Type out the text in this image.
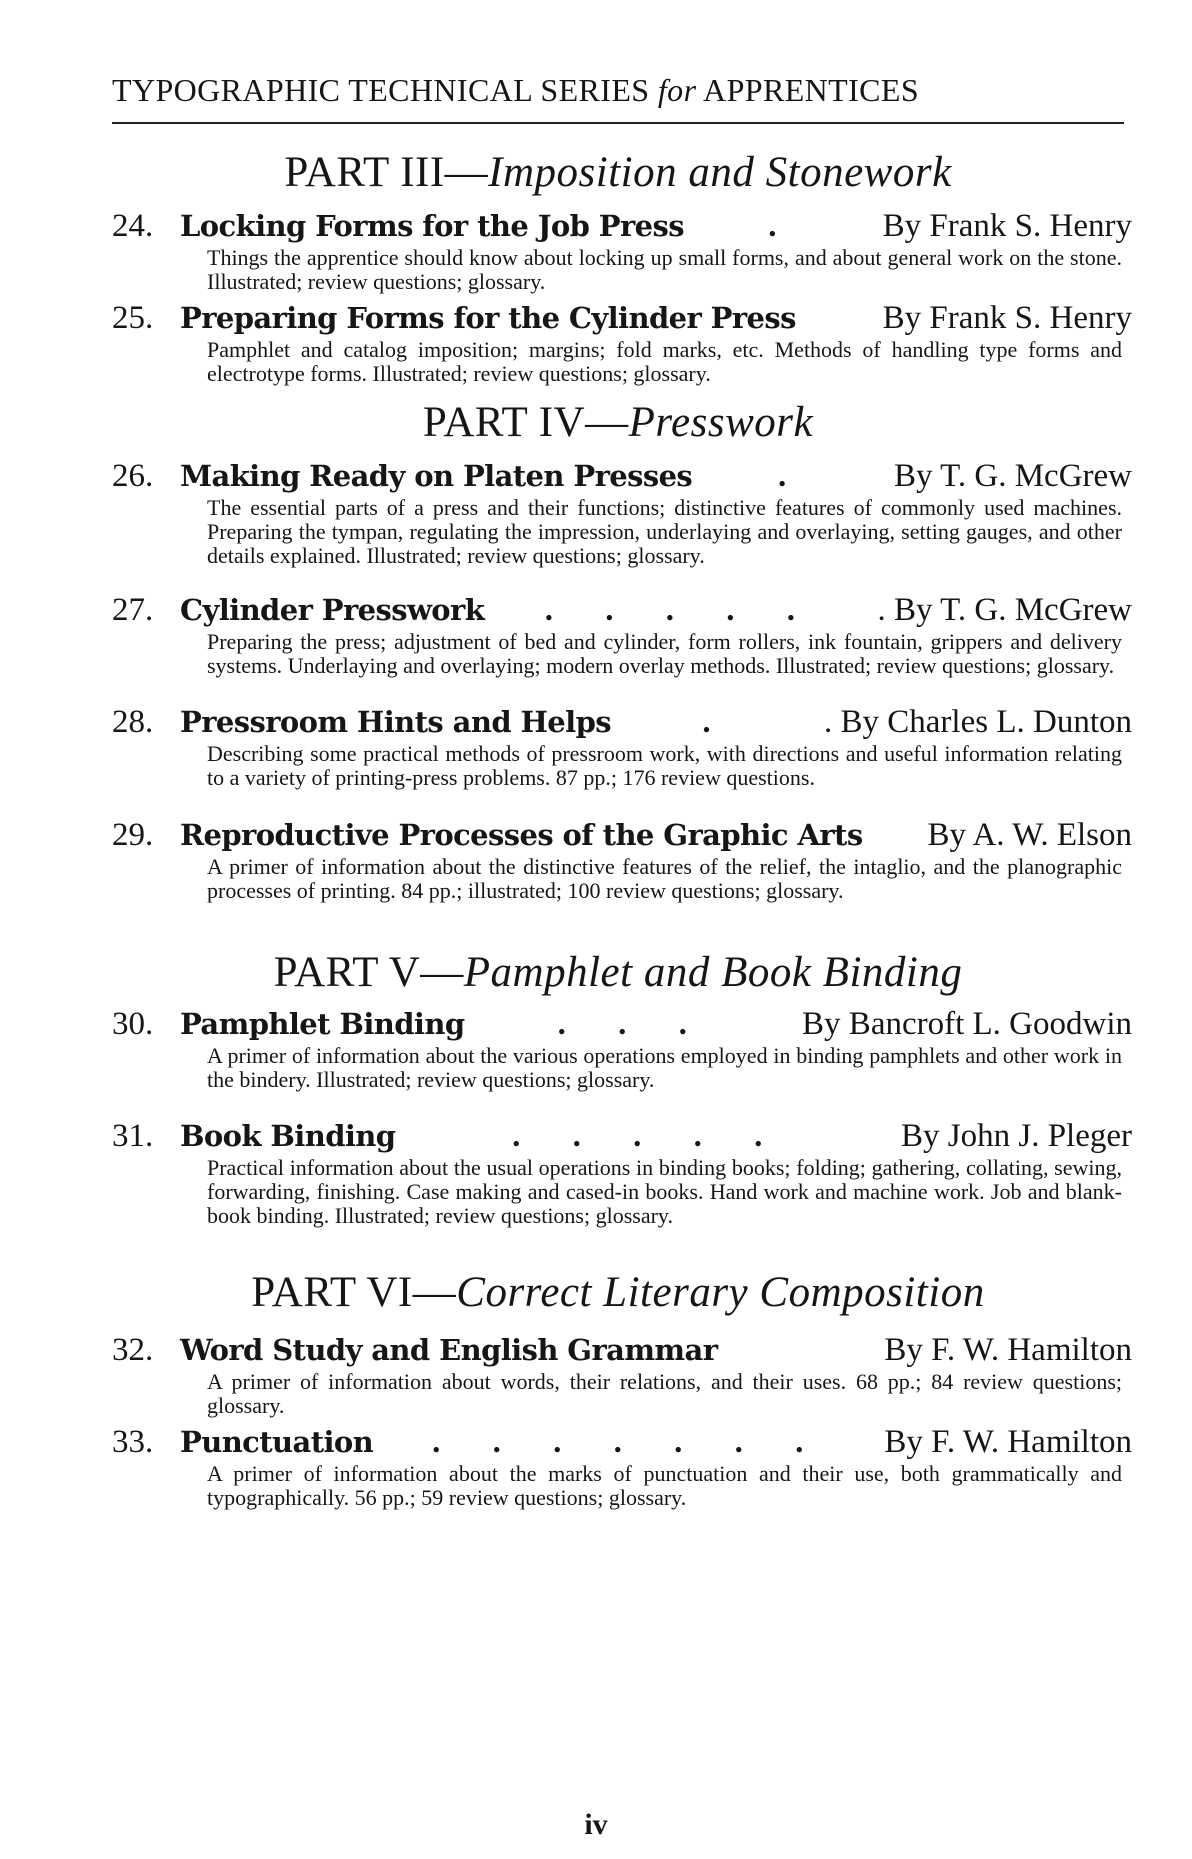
TYPOGRAPHIC TECHNICAL SERIES for APPRENTICES
PART III—Imposition and Stonework
24. Locking Forms for the Job Press	.	By Frank S. Henry
Things the apprentice should know about locking up small forms, and about general work on the stone. Illustrated; review questions; glossary.
25. Preparing Forms for the Cylinder Press	By Frank S. Henry
Pamphlet and catalog imposition; margins; fold marks, etc. Methods of handling type forms and electrotype forms. Illustrated; review questions; glossary.
PART IV—Presswork
26. Making Ready on Platen Presses	.	By T. G. McGrew
The essential parts of a press and their functions; distinctive features of commonly used machines. Preparing the tympan, regulating the impression, underlaying and overlaying, setting gauges, and other details explained. Illustrated; review questions; glossary.
27. Cylinder Presswork	. . . . .	. By T. G. McGrew
Preparing the press; adjustment of bed and cylinder, form rollers, ink fountain, grippers and delivery systems. Underlaying and overlaying; modern overlay methods. Illustrated; review questions; glossary.
28. Pressroom Hints and Helps	.	. By Charles L. Dunton
Describing some practical methods of pressroom work, with directions and useful information relating to a variety of printing-press problems. 87 pp.; 176 review questions.
29. Reproductive Processes of the Graphic Arts By A. W. Elson
A primer of information about the distinctive features of the relief, the intaglio, and the planographic processes of printing. 84 pp.; illustrated; 100 review questions; glossary.
PART V—Pamphlet and Book Binding
30. Pamphlet Binding	. . .	By Bancroft L. Goodwin
A primer of information about the various operations employed in binding pamphlets and other work in the bindery. Illustrated; review questions; glossary.
31. Book Binding	. . . . .	By John J. Pleger
Practical information about the usual operations in binding books; folding; gathering, collating, sewing, forwarding, finishing. Case making and cased-in books. Hand work and machine work. Job and blank-book binding. Illustrated; review questions; glossary.
PART VI—Correct Literary Composition
32. Word Study and English Grammar	By F. W. Hamilton
A primer of information about words, their relations, and their uses. 68 pp.; 84 review questions; glossary.
33. Punctuation	. . . . . . .	By F. W. Hamilton
A primer of information about the marks of punctuation and their use, both grammatically and typographically. 56 pp.; 59 review questions; glossary.
iv
